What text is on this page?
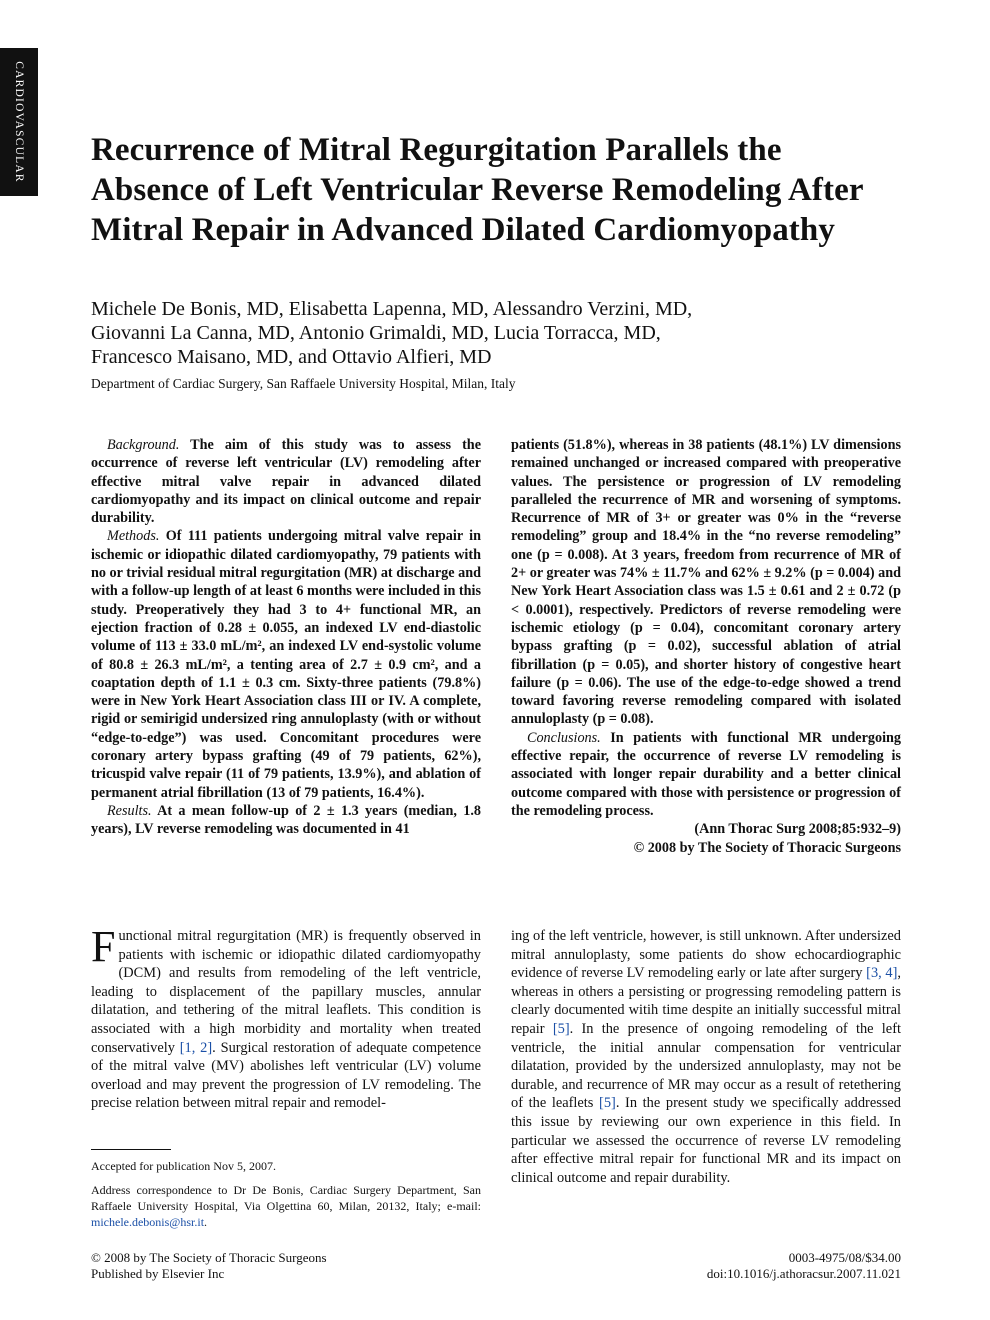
CARDIOVASCULAR Recurrence of Mitral Regurgitation Parallels the Absence of Left Ventricular Reverse Remodeling After Mitral Repair in Advanced Dilated Cardiomyopathy
Michele De Bonis, MD, Elisabetta Lapenna, MD, Alessandro Verzini, MD,
Giovanni La Canna, MD, Antonio Grimaldi, MD, Lucia Torracca, MD,
Francesco Maisano, MD, and Ottavio Alfieri, MD
Department of Cardiac Surgery, San Raffaele University Hospital, Milan, Italy

Background. The aim of this study was to assess the occurrence of reverse left ventricular (LV) remodeling after effective mitral valve repair in advanced dilated cardiomyopathy and its impact on clinical outcome and repair durability.

Methods. Of 111 patients undergoing mitral valve repair in ischemic or idiopathic dilated cardiomyopathy, 79 patients with no or trivial residual mitral regurgitation (MR) at discharge and with a follow-up length of at least 6 months were included in this study. Preoperatively they had 3 to 4+ functional MR, an ejection fraction of 0.28 ± 0.055, an indexed LV end-diastolic volume of 113 ± 33.0 mL/m², an indexed LV end-systolic volume of 80.8 ± 26.3 mL/m², a tenting area of 2.7 ± 0.9 cm², and a coaptation depth of 1.1 ± 0.3 cm. Sixty-three patients (79.8%) were in New York Heart Association class III or IV. A complete, rigid or semirigid undersized ring annuloplasty (with or without “edge-to-edge”) was used. Concomitant procedures were coronary artery bypass grafting (49 of 79 patients, 62%), tricuspid valve repair (11 of 79 patients, 13.9%), and ablation of permanent atrial fibrillation (13 of 79 patients, 16.4%).

Results. At a mean follow-up of 2 ± 1.3 years (median, 1.8 years), LV reverse remodeling was documented in 41

patients (51.8%), whereas in 38 patients (48.1%) LV dimensions remained unchanged or increased compared with preoperative values. The persistence or progression of LV remodeling paralleled the recurrence of MR and worsening of symptoms. Recurrence of MR of 3+ or greater was 0% in the “reverse remodeling” group and 18.4% in the “no reverse remodeling” one (p = 0.008). At 3 years, freedom from recurrence of MR of 2+ or greater was 74% ± 11.7% and 62% ± 9.2% (p = 0.004) and New York Heart Association class was 1.5 ± 0.61 and 2 ± 0.72 (p < 0.0001), respectively. Predictors of reverse remodeling were ischemic etiology (p = 0.04), concomitant coronary artery bypass grafting (p = 0.02), successful ablation of atrial fibrillation (p = 0.05), and shorter history of congestive heart failure (p = 0.06). The use of the edge-to-edge showed a trend toward favoring reverse remodeling compared with isolated annuloplasty (p = 0.08).

Conclusions. In patients with functional MR undergoing effective repair, the occurrence of reverse LV remodeling is associated with longer repair durability and a better clinical outcome compared with those with persistence or progression of the remodeling process.

(Ann Thorac Surg 2008;85:932–9)

© 2008 by The Society of Thoracic Surgeons

Functional mitral regurgitation (MR) is frequently observed in patients with ischemic or idiopathic dilated cardiomyopathy (DCM) and results from remodeling of the left ventricle, leading to displacement of the papillary muscles, annular dilatation, and tethering of the mitral leaflets. This condition is associated with a high morbidity and mortality when treated conservatively [1, 2]. Surgical restoration of adequate competence of the mitral valve (MV) abolishes left ventricular (LV) volume overload and may prevent the progression of LV remodeling. The precise relation between mitral repair and remodel-

ing of the left ventricle, however, is still unknown. After undersized mitral annuloplasty, some patients do show echocardiographic evidence of reverse LV remodeling early or late after surgery [3, 4], whereas in others a persisting or progressing remodeling pattern is clearly documented witih time despite an initially successful mitral repair [5]. In the presence of ongoing remodeling of the left ventricle, the initial annular compensation for ventricular dilatation, provided by the undersized annuloplasty, may not be durable, and recurrence of MR may occur as a result of retethering of the leaflets [5]. In the present study we specifically addressed this issue by reviewing our own experience in this field. In particular we assessed the occurrence of reverse LV remodeling after effective mitral repair for functional MR and its impact on clinical outcome and repair durability.

Accepted for publication Nov 5, 2007.

Address correspondence to Dr De Bonis, Cardiac Surgery Department, San Raffaele University Hospital, Via Olgettina 60, Milan, 20132, Italy; e-mail: michele.debonis@hsr.it.

© 2008 by The Society of Thoracic Surgeons
Published by Elsevier Inc
0003-4975/08/$34.00
doi:10.1016/j.athoracsur.2007.11.021
